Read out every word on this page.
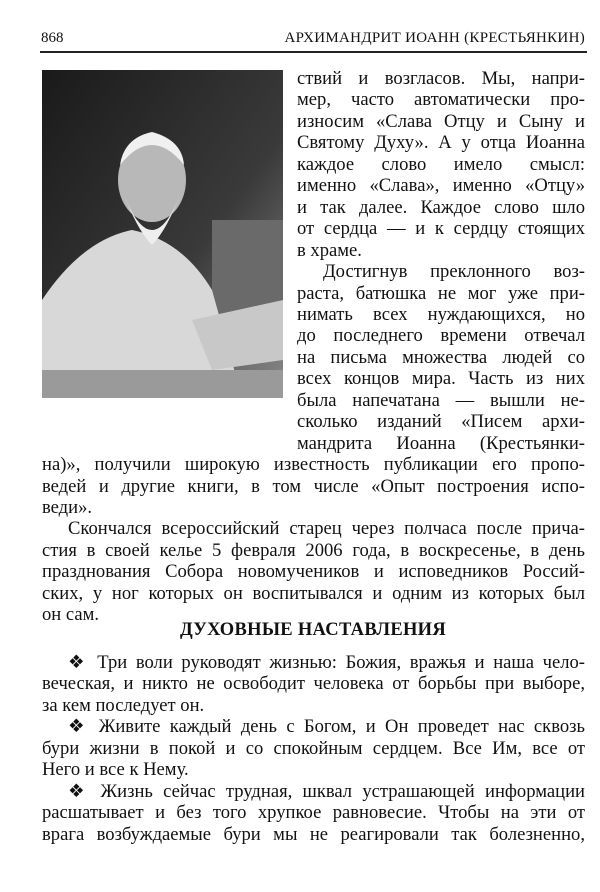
868	АРХИМАНДРИТ ИОАНН (КРЕСТЬЯНКИН)
ствий и возгласов. Мы, напри-
мер, часто автоматически про-
износим «Слава Отцу и Сыну и
Святому Духу». А у отца Иоанна
каждое слово имело смысл:
именно «Слава», именно «Отцу»
и так далее. Каждое слово шло
от сердца — и к сердцу стоящих
в храме.
Достигнув преклонного воз-
раста, батюшка не мог уже при-
нимать всех нуждающихся, но
до последнего времени отвечал
на письма множества людей со
всех концов мира. Часть из них
была напечатана — вышли не-
сколько изданий «Писем архи-
мандрита Иоанна (Крестьянки-
на)», получили широкую известность публикации его пропо-
ведей и другие книги, в том числе «Опыт построения испо-
веди».
Скончался всероссийский старец через полчаса после прича-
стия в своей келье 5 февраля 2006 года, в воскресенье, в день
празднования Собора новомучеников и исповедников Россий-
ских, у ног которых он воспитывался и одним из которых был
он сам.
❖ Три воли руководят жизнью: Божия, вражья и наша чело-
веческая, и никто не освободит человека от борьбы при выборе,
за кем последует он.
❖ Живите каждый день с Богом, и Он проведет нас сквозь
бури жизни в покой и со спокойным сердцем. Все Им, все от
Него и все к Нему.
❖ Жизнь сейчас трудная, шквал устрашающей информации
расшатывает и без того хрупкое равновесие. Чтобы на эти от
врага возбуждаемые бури мы не реагировали так болезненно,
ДУХОВНЫЕ НАСТАВЛЕНИЯ
